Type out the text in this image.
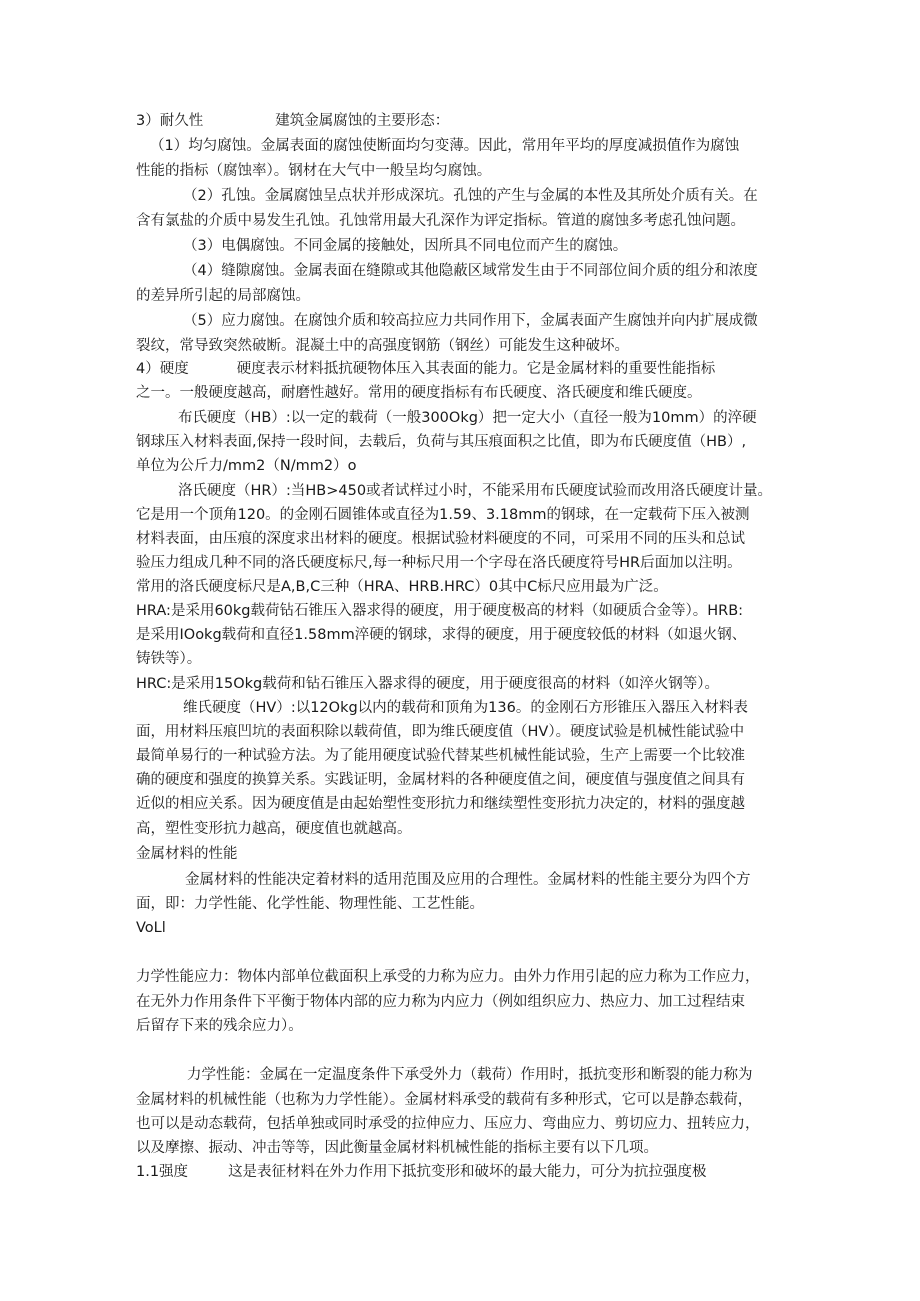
3）耐久性	建筑金属腐蚀的主要形态：
（1）均匀腐蚀。金属表面的腐蚀使断面均匀变薄。因此，常用年平均的厚度减损值作为腐蚀
性能的指标（腐蚀率）。钢材在大气中一般呈均匀腐蚀。
（2）孔蚀。金属腐蚀呈点状并形成深坑。孔蚀的产生与金属的本性及其所处介质有关。在
含有氯盐的介质中易发生孔蚀。孔蚀常用最大孔深作为评定指标。管道的腐蚀多考虑孔蚀问题。
（3）电偶腐蚀。不同金属的接触处，因所具不同电位而产生的腐蚀。
（4）缝隙腐蚀。金属表面在缝隙或其他隐蔽区域常发生由于不同部位间介质的组分和浓度
的差异所引起的局部腐蚀。
（5）应力腐蚀。在腐蚀介质和较高拉应力共同作用下，金属表面产生腐蚀并向内扩展成微
裂纹，常导致突然破断。混凝土中的高强度钢筋（钢丝）可能发生这种破坏。
4）硬度	硬度表示材料抵抗硬物体压入其表面的能力。它是金属材料的重要性能指标
之一。一般硬度越高，耐磨性越好。常用的硬度指标有布氏硬度、洛氏硬度和维氏硬度。
布氏硬度（HB）:以一定的载荷（一般300Okg）把一定大小（直径一般为10mm）的淬硬
钢球压入材料表面,保持一段时间，去载后，负荷与其压痕面积之比值，即为布氏硬度值（HB）,
单位为公斤力/mm2（N∕mm2）o
洛氏硬度（HR）:当HB>450或者试样过小时，不能采用布氏硬度试验而改用洛氏硬度计量。
它是用一个顶角120。的金刚石圆锥体或直径为1.59、3.18mm的钢球，在一定载荷下压入被测
材料表面，由压痕的深度求出材料的硬度。根据试验材料硬度的不同，可采用不同的压头和总试
验压力组成几种不同的洛氏硬度标尺,每一种标尺用一个字母在洛氏硬度符号HR后面加以注明。
常用的洛氏硬度标尺是A,B,C三种（HRA、HRB.HRC）0其中C标尺应用最为广泛。
HRA:是采用60kg载荷钻石锥压入器求得的硬度，用于硬度极高的材料（如硬质合金等）。HRB:
是采用IOokg载荷和直径1.58mm淬硬的钢球，求得的硬度，用于硬度较低的材料（如退火钢、
铸铁等）。
HRC:是采用15Okg载荷和钻石锥压入器求得的硬度，用于硬度很高的材料（如淬火钢等）。
维氏硬度（HV）:以12Okg以内的载荷和顶角为136。的金刚石方形锥压入器压入材料表
面，用材料压痕凹坑的表面积除以载荷值，即为维氏硬度值（HV）。硬度试验是机械性能试验中
最简单易行的一种试验方法。为了能用硬度试验代替某些机械性能试验，生产上需要一个比较准
确的硬度和强度的换算关系。实践证明，金属材料的各种硬度值之间，硬度值与强度值之间具有
近似的相应关系。因为硬度值是由起始塑性变形抗力和继续塑性变形抗力决定的，材料的强度越
高，塑性变形抗力越高，硬度值也就越高。
金属材料的性能
金属材料的性能决定着材料的适用范围及应用的合理性。金属材料的性能主要分为四个方
面，即：力学性能、化学性能、物理性能、工艺性能。
VoLl
力学性能应力：物体内部单位截面积上承受的力称为应力。由外力作用引起的应力称为工作应力，
在无外力作用条件下平衡于物体内部的应力称为内应力（例如组织应力、热应力、加工过程结束
后留存下来的残余应力）。
力学性能：金属在一定温度条件下承受外力（载荷）作用时，抵抗变形和断裂的能力称为
金属材料的机械性能（也称为力学性能）。金属材料承受的载荷有多种形式，它可以是静态载荷，
也可以是动态载荷，包括单独或同时承受的拉伸应力、压应力、弯曲应力、剪切应力、扭转应力，
以及摩擦、振动、冲击等等，因此衡量金属材料机械性能的指标主要有以下几项。
1.1强度	这是表征材料在外力作用下抵抗变形和破坏的最大能力，可分为抗拉强度极
